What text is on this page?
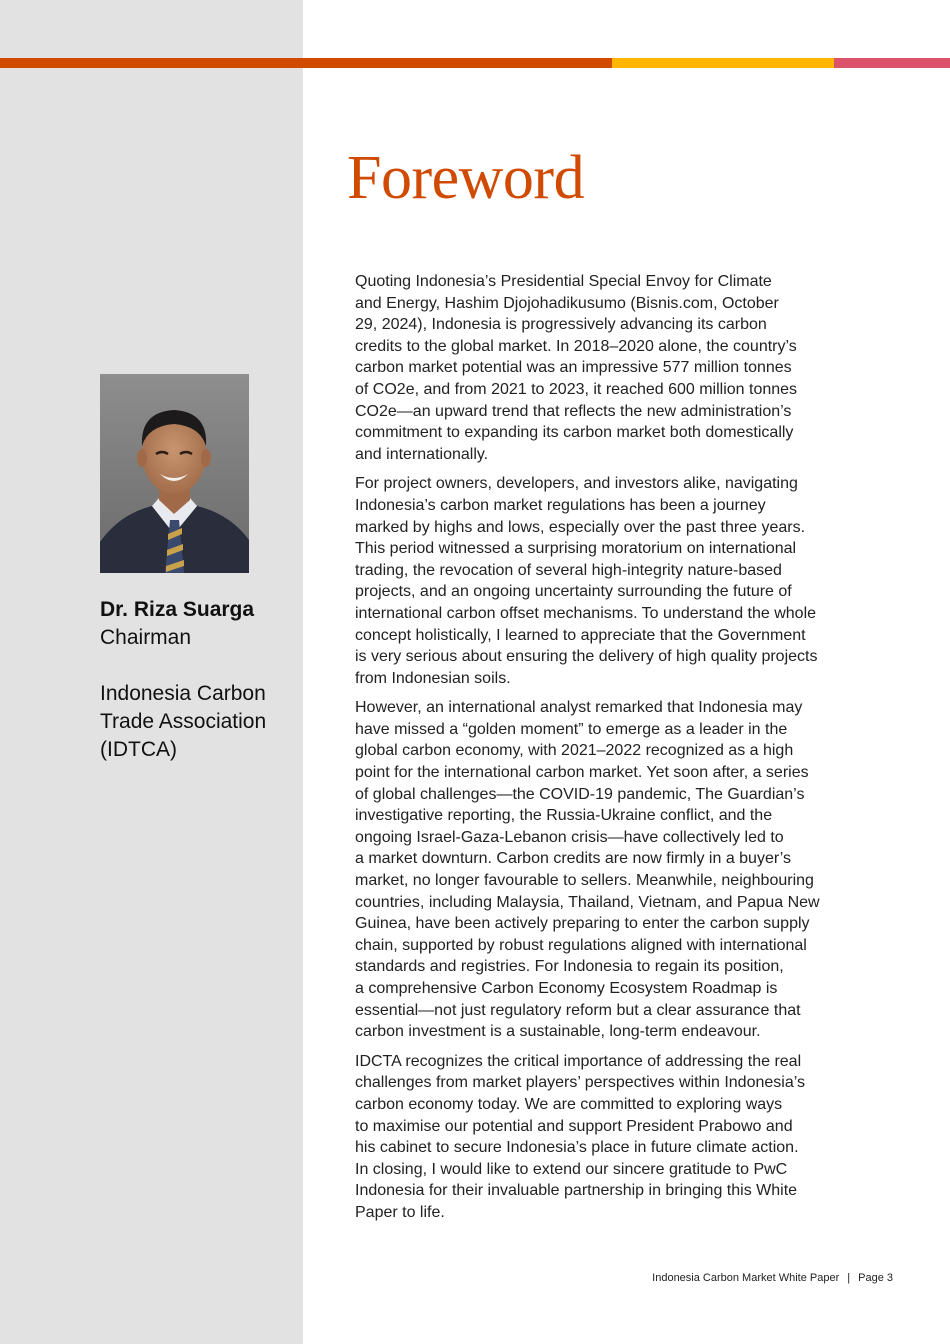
Foreword
Dr. Riza Suarga
Chairman
Indonesia Carbon
Trade Association
(IDTCA)

Quoting Indonesia’s Presidential Special Envoy for Climate
and Energy, Hashim Djojohadikusumo (Bisnis.com, October
29, 2024), Indonesia is progressively advancing its carbon
credits to the global market. In 2018–2020 alone, the country’s
carbon market potential was an impressive 577 million tonnes
of CO2e, and from 2021 to 2023, it reached 600 million tonnes
CO2e—an upward trend that reflects the new administration’s
commitment to expanding its carbon market both domestically
and internationally.

For project owners, developers, and investors alike, navigating
Indonesia’s carbon market regulations has been a journey
marked by highs and lows, especially over the past three years.
This period witnessed a surprising moratorium on international
trading, the revocation of several high-integrity nature-based
projects, and an ongoing uncertainty surrounding the future of
international carbon offset mechanisms. To understand the whole
concept holistically, I learned to appreciate that the Government
is very serious about ensuring the delivery of high quality projects
from Indonesian soils.

However, an international analyst remarked that Indonesia may
have missed a “golden moment” to emerge as a leader in the
global carbon economy, with 2021–2022 recognized as a high
point for the international carbon market. Yet soon after, a series
of global challenges—the COVID-19 pandemic, The Guardian’s
investigative reporting, the Russia-Ukraine conflict, and the
ongoing Israel-Gaza-Lebanon crisis—have collectively led to
a market downturn. Carbon credits are now firmly in a buyer’s
market, no longer favourable to sellers. Meanwhile, neighbouring
countries, including Malaysia, Thailand, Vietnam, and Papua New
Guinea, have been actively preparing to enter the carbon supply
chain, supported by robust regulations aligned with international
standards and registries. For Indonesia to regain its position,
a comprehensive Carbon Economy Ecosystem Roadmap is
essential—not just regulatory reform but a clear assurance that
carbon investment is a sustainable, long-term endeavour.

IDCTA recognizes the critical importance of addressing the real
challenges from market players’ perspectives within Indonesia’s
carbon economy today. We are committed to exploring ways
to maximise our potential and support President Prabowo and
his cabinet to secure Indonesia’s place in future climate action.
In closing, I would like to extend our sincere gratitude to PwC
Indonesia for their invaluable partnership in bringing this White
Paper to life.

Indonesia Carbon Market White Paper | Page 3
